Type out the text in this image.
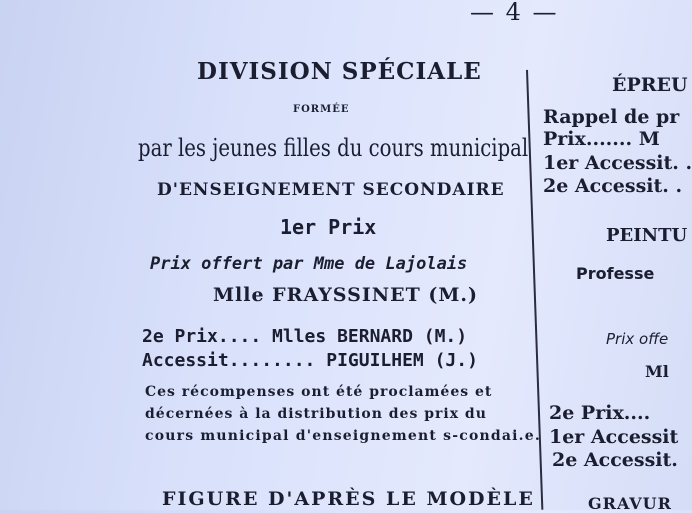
— 4 —
DIVISION SPÉCIALE
FORMÉE
par les jeunes filles du cours municipal
D'ENSEIGNEMENT SECONDAIRE
1er Prix
Prix offert par Mme de Lajolais
Mlle FRAYSSINET (M.)
2e Prix.... Mlles BERNARD (M.)
Accessit........ PIGUILHEM (J.)
Ces récompenses ont été proclamées et
décernées à la distribution des prix du
cours municipal d'enseignement s-condai.e.
FIGURE D'APRÈS LE MODÈLE
ÉPREU
Rappel de pr
Prix....... M
1er Accessit. .
2e Accessit. .
PEINTU
Professe
Prix offe
Ml
2e Prix....
1er Accessit
2e Accessit.
GRAVUR
